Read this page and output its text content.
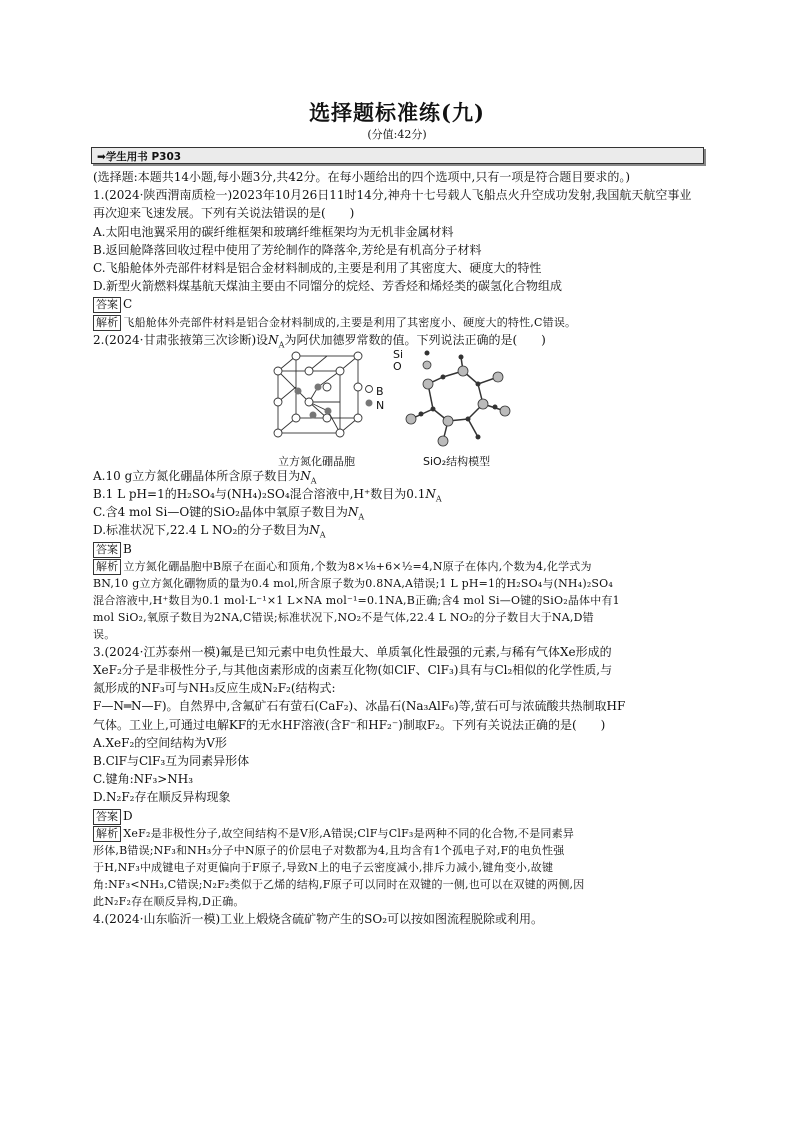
选择题标准练(九)
(分值:42分)
➡学生用书 P303

(选择题:本题共14小题,每小题3分,共42分。在每小题给出的四个选项中,只有一项是符合题目要求的。)

1.(2024·陕西渭南质检一)2023年10月26日11时14分,神舟十七号载人飞船点火升空成功发射,我国航天航空事业再次迎来飞速发展。下列有关说法错误的是(　　)

A.太阳电池翼采用的碳纤维框架和玻璃纤维框架均为无机非金属材料

B.返回舱降落回收过程中使用了芳纶制作的降落伞,芳纶是有机高分子材料

C.飞船舱体外壳部件材料是铝合金材料制成的,主要是利用了其密度大、硬度大的特性

D.新型火箭燃料煤基航天煤油主要由不同馏分的烷烃、芳香烃和烯烃类的碳氢化合物组成

答案 C

解析 飞船舱体外壳部件材料是铝合金材料制成的,主要是利用了其密度小、硬度大的特性,C错误。

2.(2024·甘肃张掖第三次诊断)设$N_A$为阿伏加德罗常数的值。下列说法正确的是(　　)

B
N
立方氮化硼晶胞
Si
O
SiO₂结构模型

A.10 g立方氮化硼晶体所含原子数目为$N_A$

B.1 L pH=1的H₂SO₄与(NH₄)₂SO₄混合溶液中,H⁺数目为$0.1N_A$

C.含4 mol Si—O键的SiO₂晶体中氧原子数目为$N_A$

D.标准状况下,22.4 L NO₂的分子数目为$N_A$

答案 B

解析 立方氮化硼晶胞中B原子在面心和顶角,个数为8×⅛+6×½=4,N原子在体内,个数为4,化学式为

BN,10 g立方氮化硼物质的量为0.4 mol,所含原子数为0.8NA,A错误;1 L pH=1的H₂SO₄与(NH₄)₂SO₄

混合溶液中,H⁺数目为0.1 mol·L⁻¹×1 L×NA mol⁻¹=0.1NA,B正确;含4 mol Si—O键的SiO₂晶体中有1

mol SiO₂,氧原子数目为2NA,C错误;标准状况下,NO₂不是气体,22.4 L NO₂的分子数目大于NA,D错

误。

3.(2024·江苏泰州一模)氟是已知元素中电负性最大、单质氧化性最强的元素,与稀有气体Xe形成的

XeF₂分子是非极性分子,与其他卤素形成的卤素互化物(如ClF、ClF₃)具有与Cl₂相似的化学性质,与

氮形成的NF₃可与NH₃反应生成N₂F₂(结构式:

F—N═N—F)。自然界中,含氟矿石有萤石(CaF₂)、冰晶石(Na₃AlF₆)等,萤石可与浓硫酸共热制取HF

气体。工业上,可通过电解KF的无水HF溶液(含F⁻和HF₂⁻)制取F₂。下列有关说法正确的是(　　)

A.XeF₂的空间结构为V形

B.ClF与ClF₃互为同素异形体

C.键角:NF₃>NH₃

D.N₂F₂存在顺反异构现象

答案 D

解析 XeF₂是非极性分子,故空间结构不是V形,A错误;ClF与ClF₃是两种不同的化合物,不是同素异

形体,B错误;NF₃和NH₃分子中N原子的价层电子对数都为4,且均含有1个孤电子对,F的电负性强

于H,NF₃中成键电子对更偏向于F原子,导致N上的电子云密度减小,排斥力减小,键角变小,故键

角:NF₃<NH₃,C错误;N₂F₂类似于乙烯的结构,F原子可以同时在双键的一侧,也可以在双键的两侧,因

此N₂F₂存在顺反异构,D正确。

4.(2024·山东临沂一模)工业上煅烧含硫矿物产生的SO₂可以按如图流程脱除或利用。
